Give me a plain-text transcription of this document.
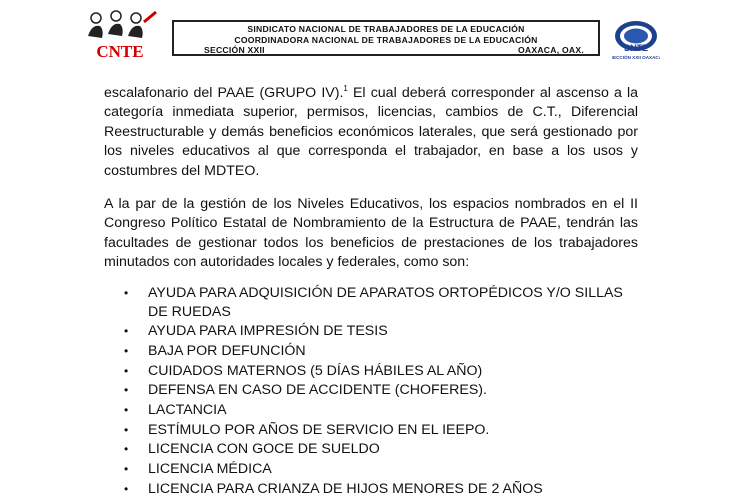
CNTE
SINDICATO NACIONAL DE TRABAJADORES DE LA EDUCACIÓN
COORDINADORA NACIONAL DE TRABAJADORES DE LA EDUCACIÓN
SECCIÓN XXII	OAXACA, OAX.	SNTE
SECCIÓN XXII OAXACA
escalafonario del PAAE (GRUPO IV).$^1$ El cual deberá corresponder al ascenso a la
categoría inmediata superior, permisos, licencias, cambios de C.T., Diferencial
Reestructurable y demás beneficios económicos laterales, que será gestionado por
los niveles educativos al que corresponda el trabajador, en base a los usos y
costumbres del MDTEO.
A la par de la gestión de los Niveles Educativos, los espacios nombrados en el II
Congreso Político Estatal de Nombramiento de la Estructura de PAAE, tendrán las
facultades de gestionar todos los beneficios de prestaciones de los trabajadores
minutados con autoridades locales y federales, como son:
• AYUDA PARA ADQUISICIÓN DE APARATOS ORTOPÉDICOS Y/O SILLAS DE RUEDAS
• AYUDA PARA IMPRESIÓN DE TESIS
• BAJA POR DEFUNCIÓN
• CUIDADOS MATERNOS (5 DÍAS HÁBILES AL AÑO)
• DEFENSA EN CASO DE ACCIDENTE (CHOFERES).
• LACTANCIA
• ESTÍMULO POR AÑOS DE SERVICIO EN EL IEEPO.
• LICENCIA CON GOCE DE SUELDO
• LICENCIA MÉDICA
• LICENCIA PARA CRIANZA DE HIJOS MENORES DE 2 AÑOS
